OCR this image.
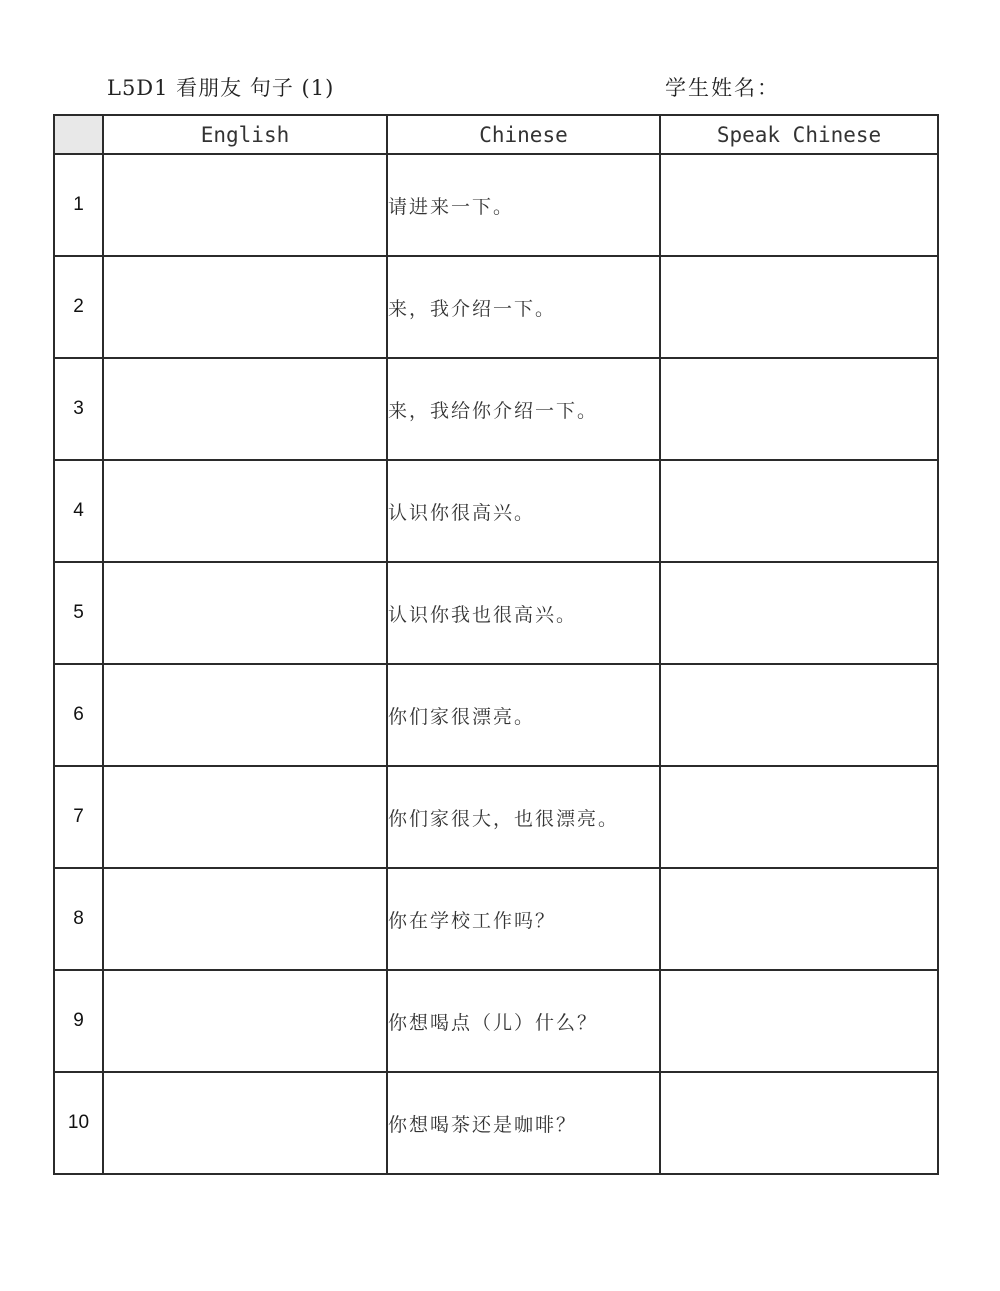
L5D1 看朋友 句子 (1)	学生姓名：
	English	Chinese	Speak Chinese
1		请进来一下。	
2		来，我介绍一下。	
3		来，我给你介绍一下。	
4		认识你很高兴。	
5		认识你我也很高兴。	
6		你们家很漂亮。	
7		你们家很大，也很漂亮。	
8		你在学校工作吗？	
9		你想喝点（儿）什么？	
10		你想喝茶还是咖啡？	
